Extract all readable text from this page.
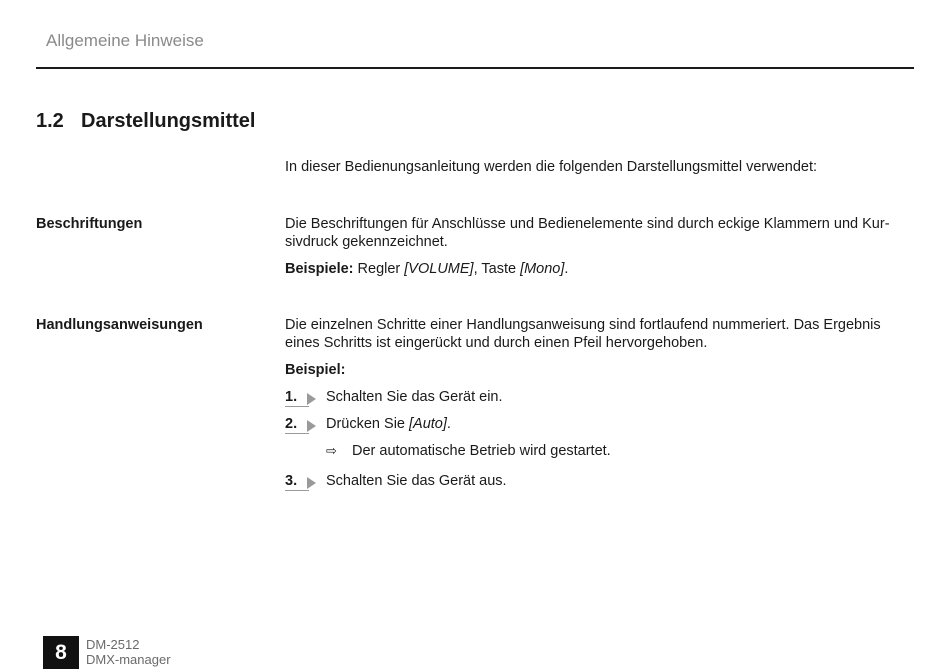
Allgemeine Hinweise
1.2 Darstellungsmittel
In dieser Bedienungsanleitung werden die folgenden Darstellungsmittel verwendet:
Beschriftungen	Die Beschriftungen für Anschlüsse und Bedienelemente sind durch eckige Klammern und Kursivdruck gekennzeichnet.

Beispiele: Regler [VOLUME], Taste [Mono].

Handlungsanweisungen	Die einzelnen Schritte einer Handlungsanweisung sind fortlaufend nummeriert. Das Ergebnis eines Schritts ist eingerückt und durch einen Pfeil hervorgehoben.

Beispiel:

1. Schalten Sie das Gerät ein.
2. Drücken Sie [Auto].
⇨ Der automatische Betrieb wird gestartet.
3. Schalten Sie das Gerät aus.
8	DM-2512
DMX-manager
